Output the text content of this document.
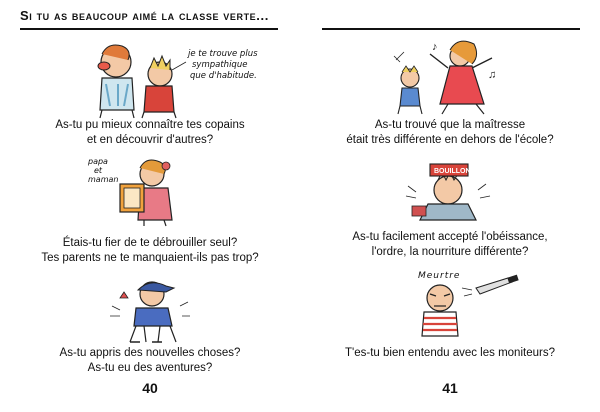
Si tu as beaucoup aimé la classe verte...
je te trouve plus
sympathique
que d'habitude.
As-tu pu mieux connaître tes copains
et en découvrir d'autres?
papa
et
maman
Étais-tu fier de te débrouiller seul?
Tes parents ne te manquaient-ils pas trop?
As-tu appris des nouvelles choses?
As-tu eu des aventures?
40
♪
♫
As-tu trouvé que la maîtresse
était très différente en dehors de l'école?
BOUILLON
As-tu facilement accepté l'obéissance,
l'ordre, la nourriture différente?
Meurtre
T'es-tu bien entendu avec les moniteurs?
41
